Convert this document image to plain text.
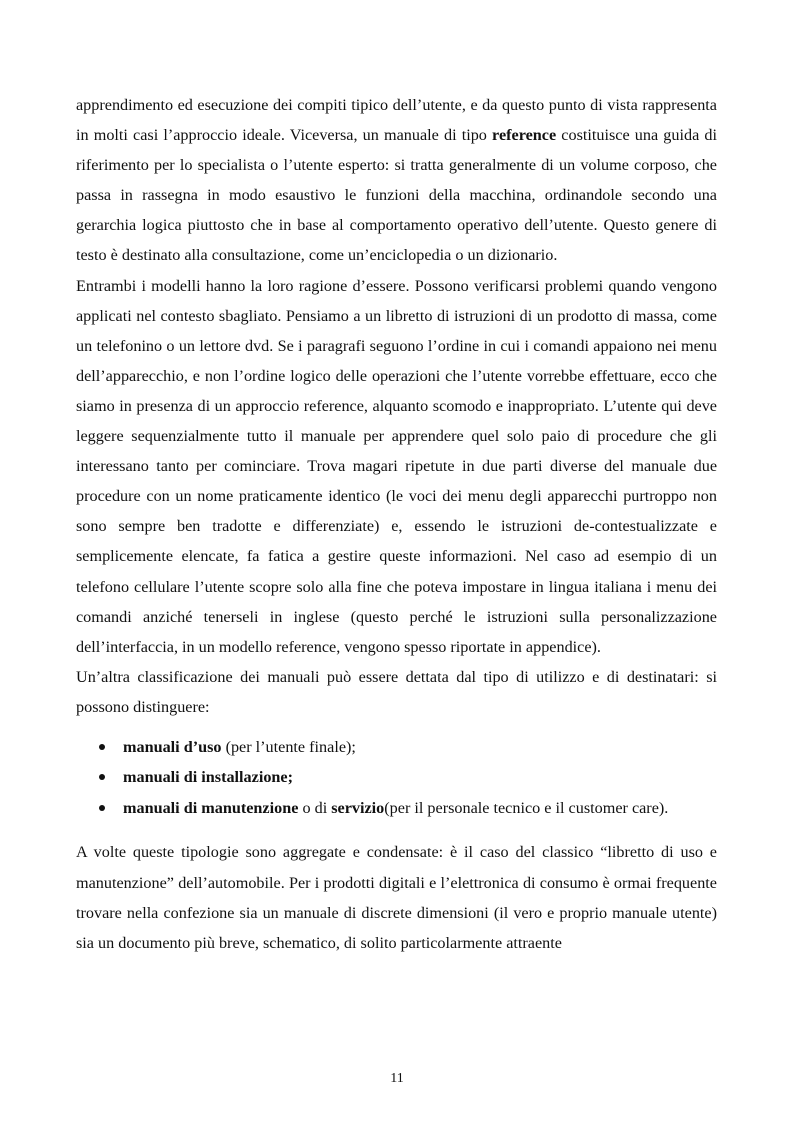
apprendimento ed esecuzione dei compiti tipico dell’utente, e da questo punto di vista rappresenta in molti casi l’approccio ideale. Viceversa, un manuale di tipo reference costituisce una guida di riferimento per lo specialista o l’utente esperto: si tratta generalmente di un volume corposo, che passa in rassegna in modo esaustivo le funzioni della macchina, ordinandole secondo una gerarchia logica piuttosto che in base al comportamento operativo dell’utente. Questo genere di testo è destinato alla consultazione, come un’enciclopedia o un dizionario.

Entrambi i modelli hanno la loro ragione d’essere. Possono verificarsi problemi quando vengono applicati nel contesto sbagliato. Pensiamo a un libretto di istruzioni di un prodotto di massa, come un telefonino o un lettore dvd. Se i paragrafi seguono l’ordine in cui i comandi appaiono nei menu dell’apparecchio, e non l’ordine logico delle operazioni che l’utente vorrebbe effettuare, ecco che siamo in presenza di un approccio reference, alquanto scomodo e inappropriato. L’utente qui deve leggere sequenzialmente tutto il manuale per apprendere quel solo paio di procedure che gli interessano tanto per cominciare. Trova magari ripetute in due parti diverse del manuale due procedure con un nome praticamente identico (le voci dei menu degli apparecchi purtroppo non sono sempre ben tradotte e differenziate) e, essendo le istruzioni de-contestualizzate e semplicemente elencate, fa fatica a gestire queste informazioni. Nel caso ad esempio di un telefono cellulare l’utente scopre solo alla fine che poteva impostare in lingua italiana i menu dei comandi anziché tenerseli in inglese (questo perché le istruzioni sulla personalizzazione dell’interfaccia, in un modello reference, vengono spesso riportate in appendice).

Un’altra classificazione dei manuali può essere dettata dal tipo di utilizzo e di destinatari: si possono distinguere:

manuali d’uso (per l’utente finale);
manuali di installazione;
manuali di manutenzione o di servizio(per il personale tecnico e il customer care).

A volte queste tipologie sono aggregate e condensate: è il caso del classico “libretto di uso e manutenzione” dell’automobile. Per i prodotti digitali e l’elettronica di consumo è ormai frequente trovare nella confezione sia un manuale di discrete dimensioni (il vero e proprio manuale utente) sia un documento più breve, schematico, di solito particolarmente attraente

11
